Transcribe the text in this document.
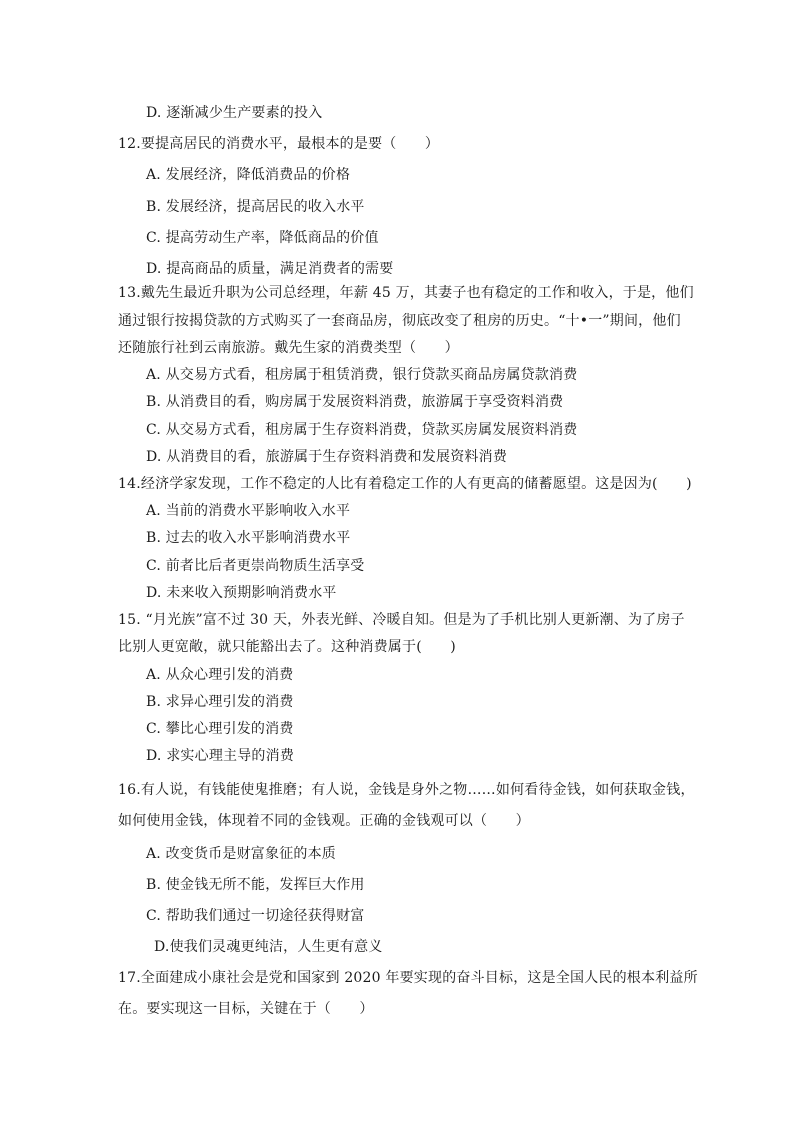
D. 逐渐减少生产要素的投入
12.要提高居民的消费水平，最根本的是要（　　）
A. 发展经济，降低消费品的价格
B. 发展经济，提高居民的收入水平
C. 提高劳动生产率，降低商品的价值
D. 提高商品的质量，满足消费者的需要
13.戴先生最近升职为公司总经理，年薪 45 万，其妻子也有稳定的工作和收入，于是，他们
通过银行按揭贷款的方式购买了一套商品房，彻底改变了租房的历史。“十•一”期间，他们
还随旅行社到云南旅游。戴先生家的消费类型（　　）
A. 从交易方式看，租房属于租赁消费，银行贷款买商品房属贷款消费
B. 从消费目的看，购房属于发展资料消费，旅游属于享受资料消费
C. 从交易方式看，租房属于生存资料消费，贷款买房属发展资料消费
D. 从消费目的看，旅游属于生存资料消费和发展资料消费
14.经济学家发现，工作不稳定的人比有着稳定工作的人有更高的储蓄愿望。这是因为(　　)
A. 当前的消费水平影响收入水平
B. 过去的收入水平影响消费水平
C. 前者比后者更崇尚物质生活享受
D. 未来收入预期影响消费水平
15. “月光族”富不过 30 天，外表光鲜、冷暖自知。但是为了手机比别人更新潮、为了房子
比别人更宽敞，就只能豁出去了。这种消费属于(　　)
A. 从众心理引发的消费
B. 求异心理引发的消费
C. 攀比心理引发的消费
D. 求实心理主导的消费
16.有人说，有钱能使鬼推磨；有人说，金钱是身外之物……如何看待金钱，如何获取金钱，
如何使用金钱，体现着不同的金钱观。正确的金钱观可以（　　）
A. 改变货币是财富象征的本质
B. 使金钱无所不能，发挥巨大作用
C. 帮助我们通过一切途径获得财富
D.使我们灵魂更纯洁，人生更有意义
17.全面建成小康社会是党和国家到 2020 年要实现的奋斗目标，这是全国人民的根本利益所
在。要实现这一目标，关键在于（　　）
